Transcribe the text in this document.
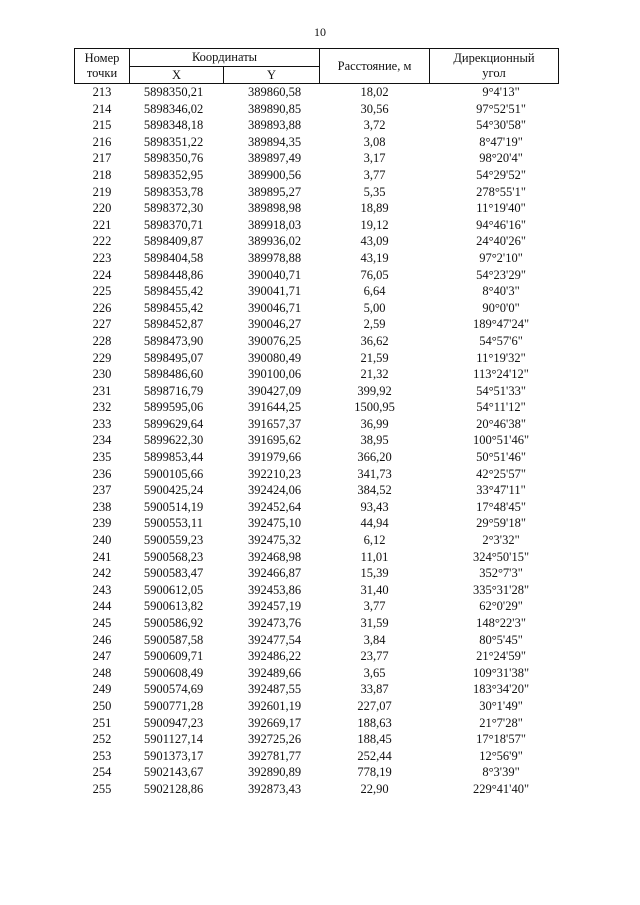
10
Номер
точки	Координаты		Расстояние, м	Дирекционный
угол

	X	Y		
213	5898350,21	389860,58	18,02	9°4'13"
214	5898346,02	389890,85	30,56	97°52'51"
215	5898348,18	389893,88	3,72	54°30'58"
216	5898351,22	389894,35	3,08	8°47'19"
217	5898350,76	389897,49	3,17	98°20'4"
218	5898352,95	389900,56	3,77	54°29'52"
219	5898353,78	389895,27	5,35	278°55'1"
220	5898372,30	389898,98	18,89	11°19'40"
221	5898370,71	389918,03	19,12	94°46'16"
222	5898409,87	389936,02	43,09	24°40'26"
223	5898404,58	389978,88	43,19	97°2'10"
224	5898448,86	390040,71	76,05	54°23'29"
225	5898455,42	390041,71	6,64	8°40'3"
226	5898455,42	390046,71	5,00	90°0'0"
227	5898452,87	390046,27	2,59	189°47'24"
228	5898473,90	390076,25	36,62	54°57'6"
229	5898495,07	390080,49	21,59	11°19'32"
230	5898486,60	390100,06	21,32	113°24'12"
231	5898716,79	390427,09	399,92	54°51'33"
232	5899595,06	391644,25	1500,95	54°11'12"
233	5899629,64	391657,37	36,99	20°46'38"
234	5899622,30	391695,62	38,95	100°51'46"
235	5899853,44	391979,66	366,20	50°51'46"
236	5900105,66	392210,23	341,73	42°25'57"
237	5900425,24	392424,06	384,52	33°47'11"
238	5900514,19	392452,64	93,43	17°48'45"
239	5900553,11	392475,10	44,94	29°59'18"
240	5900559,23	392475,32	6,12	2°3'32"
241	5900568,23	392468,98	11,01	324°50'15"
242	5900583,47	392466,87	15,39	352°7'3"
243	5900612,05	392453,86	31,40	335°31'28"
244	5900613,82	392457,19	3,77	62°0'29"
245	5900586,92	392473,76	31,59	148°22'3"
246	5900587,58	392477,54	3,84	80°5'45"
247	5900609,71	392486,22	23,77	21°24'59"
248	5900608,49	392489,66	3,65	109°31'38"
249	5900574,69	392487,55	33,87	183°34'20"
250	5900771,28	392601,19	227,07	30°1'49"
251	5900947,23	392669,17	188,63	21°7'28"
252	5901127,14	392725,26	188,45	17°18'57"
253	5901373,17	392781,77	252,44	12°56'9"
254	5902143,67	392890,89	778,19	8°3'39"
255	5902128,86	392873,43	22,90	229°41'40"
